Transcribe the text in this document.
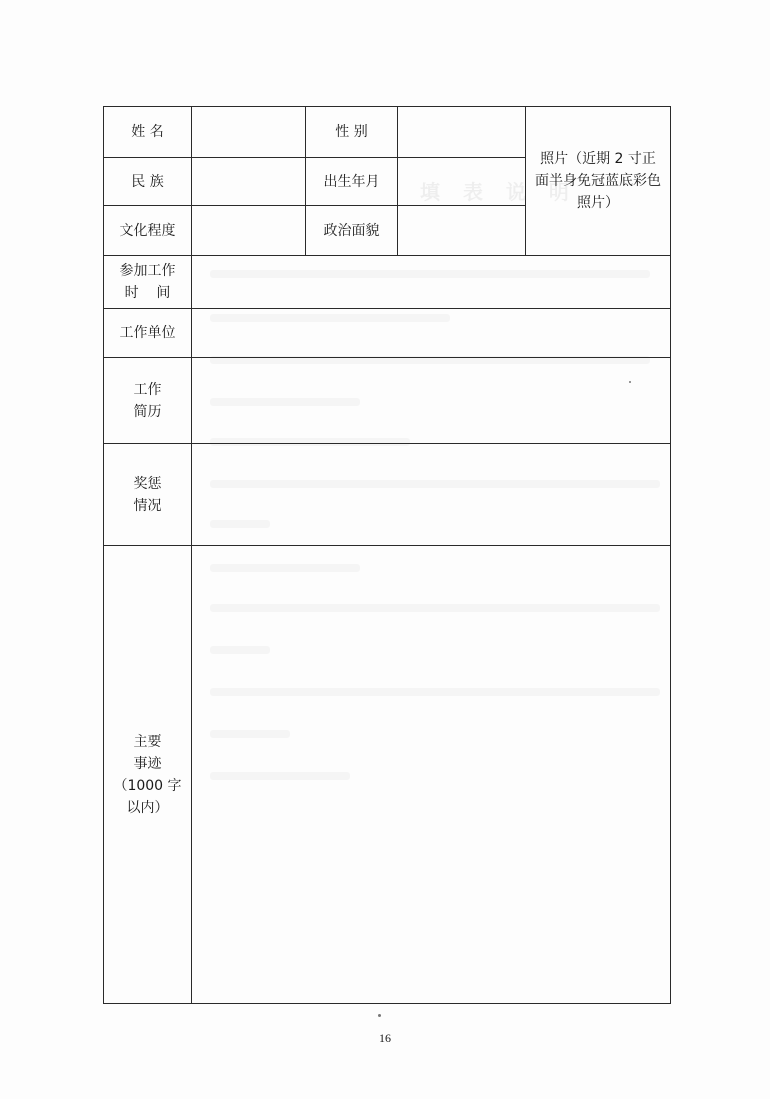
填 表 说 明
姓 名		性 别		照片（近期 2 寸正面半身免冠蓝底彩色照片）
民 族		出生年月		
文化程度		政治面貌		

参加工作
时    间				

工作单位				

工作
简历				

奖惩
情况				

主要
事迹
（1000 字
以内）				

16
